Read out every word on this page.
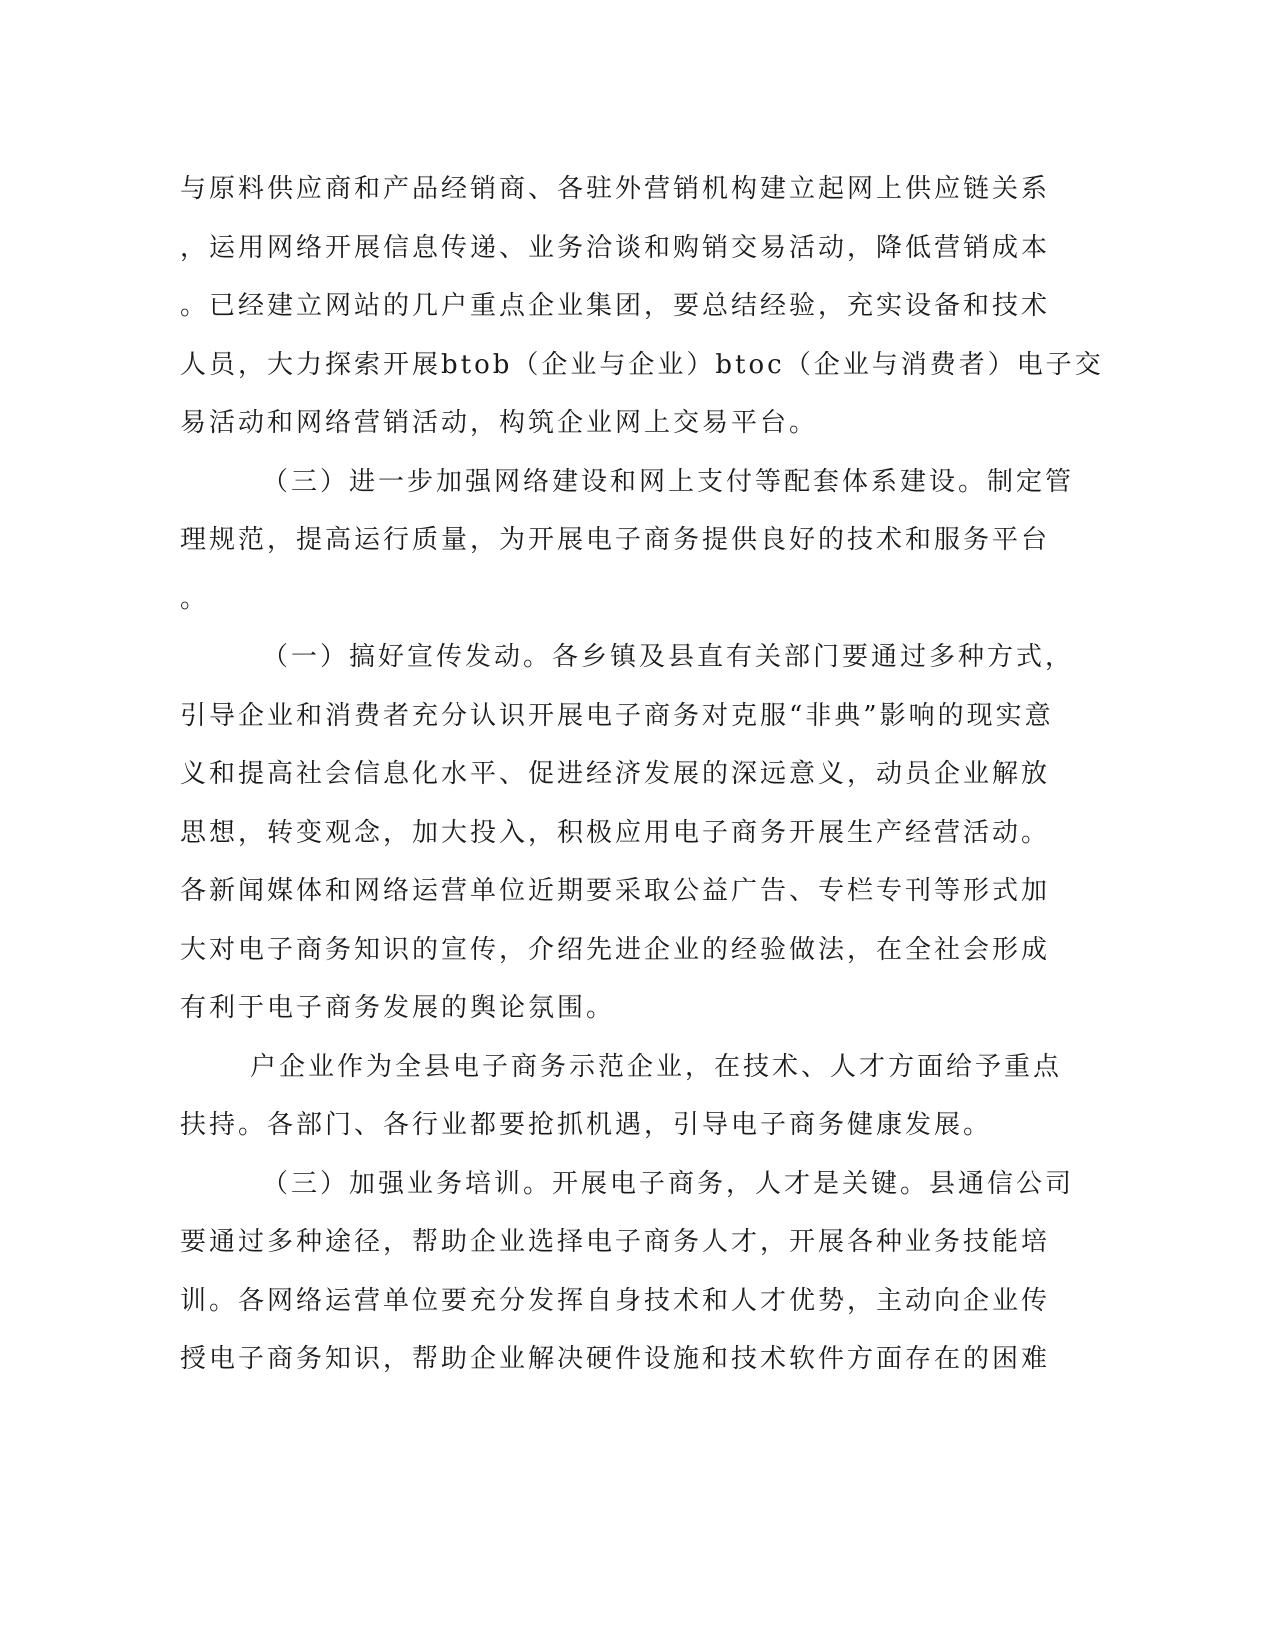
与原料供应商和产品经销商、各驻外营销机构建立起网上供应链关系
，运用网络开展信息传递、业务洽谈和购销交易活动，降低营销成本
。已经建立网站的几户重点企业集团，要总结经验，充实设备和技术
人员，大力探索开展btob（企业与企业）btoc（企业与消费者）电子交
易活动和网络营销活动，构筑企业网上交易平台。
（三）进一步加强网络建设和网上支付等配套体系建设。制定管
理规范，提高运行质量，为开展电子商务提供良好的技术和服务平台
。
（一）搞好宣传发动。各乡镇及县直有关部门要通过多种方式，
引导企业和消费者充分认识开展电子商务对克服“非典”影响的现实意
义和提高社会信息化水平、促进经济发展的深远意义，动员企业解放
思想，转变观念，加大投入，积极应用电子商务开展生产经营活动。
各新闻媒体和网络运营单位近期要采取公益广告、专栏专刊等形式加
大对电子商务知识的宣传，介绍先进企业的经验做法，在全社会形成
有利于电子商务发展的舆论氛围。
户企业作为全县电子商务示范企业，在技术、人才方面给予重点
扶持。各部门、各行业都要抢抓机遇，引导电子商务健康发展。
（三）加强业务培训。开展电子商务，人才是关键。县通信公司
要通过多种途径，帮助企业选择电子商务人才，开展各种业务技能培
训。各网络运营单位要充分发挥自身技术和人才优势，主动向企业传
授电子商务知识，帮助企业解决硬件设施和技术软件方面存在的困难
